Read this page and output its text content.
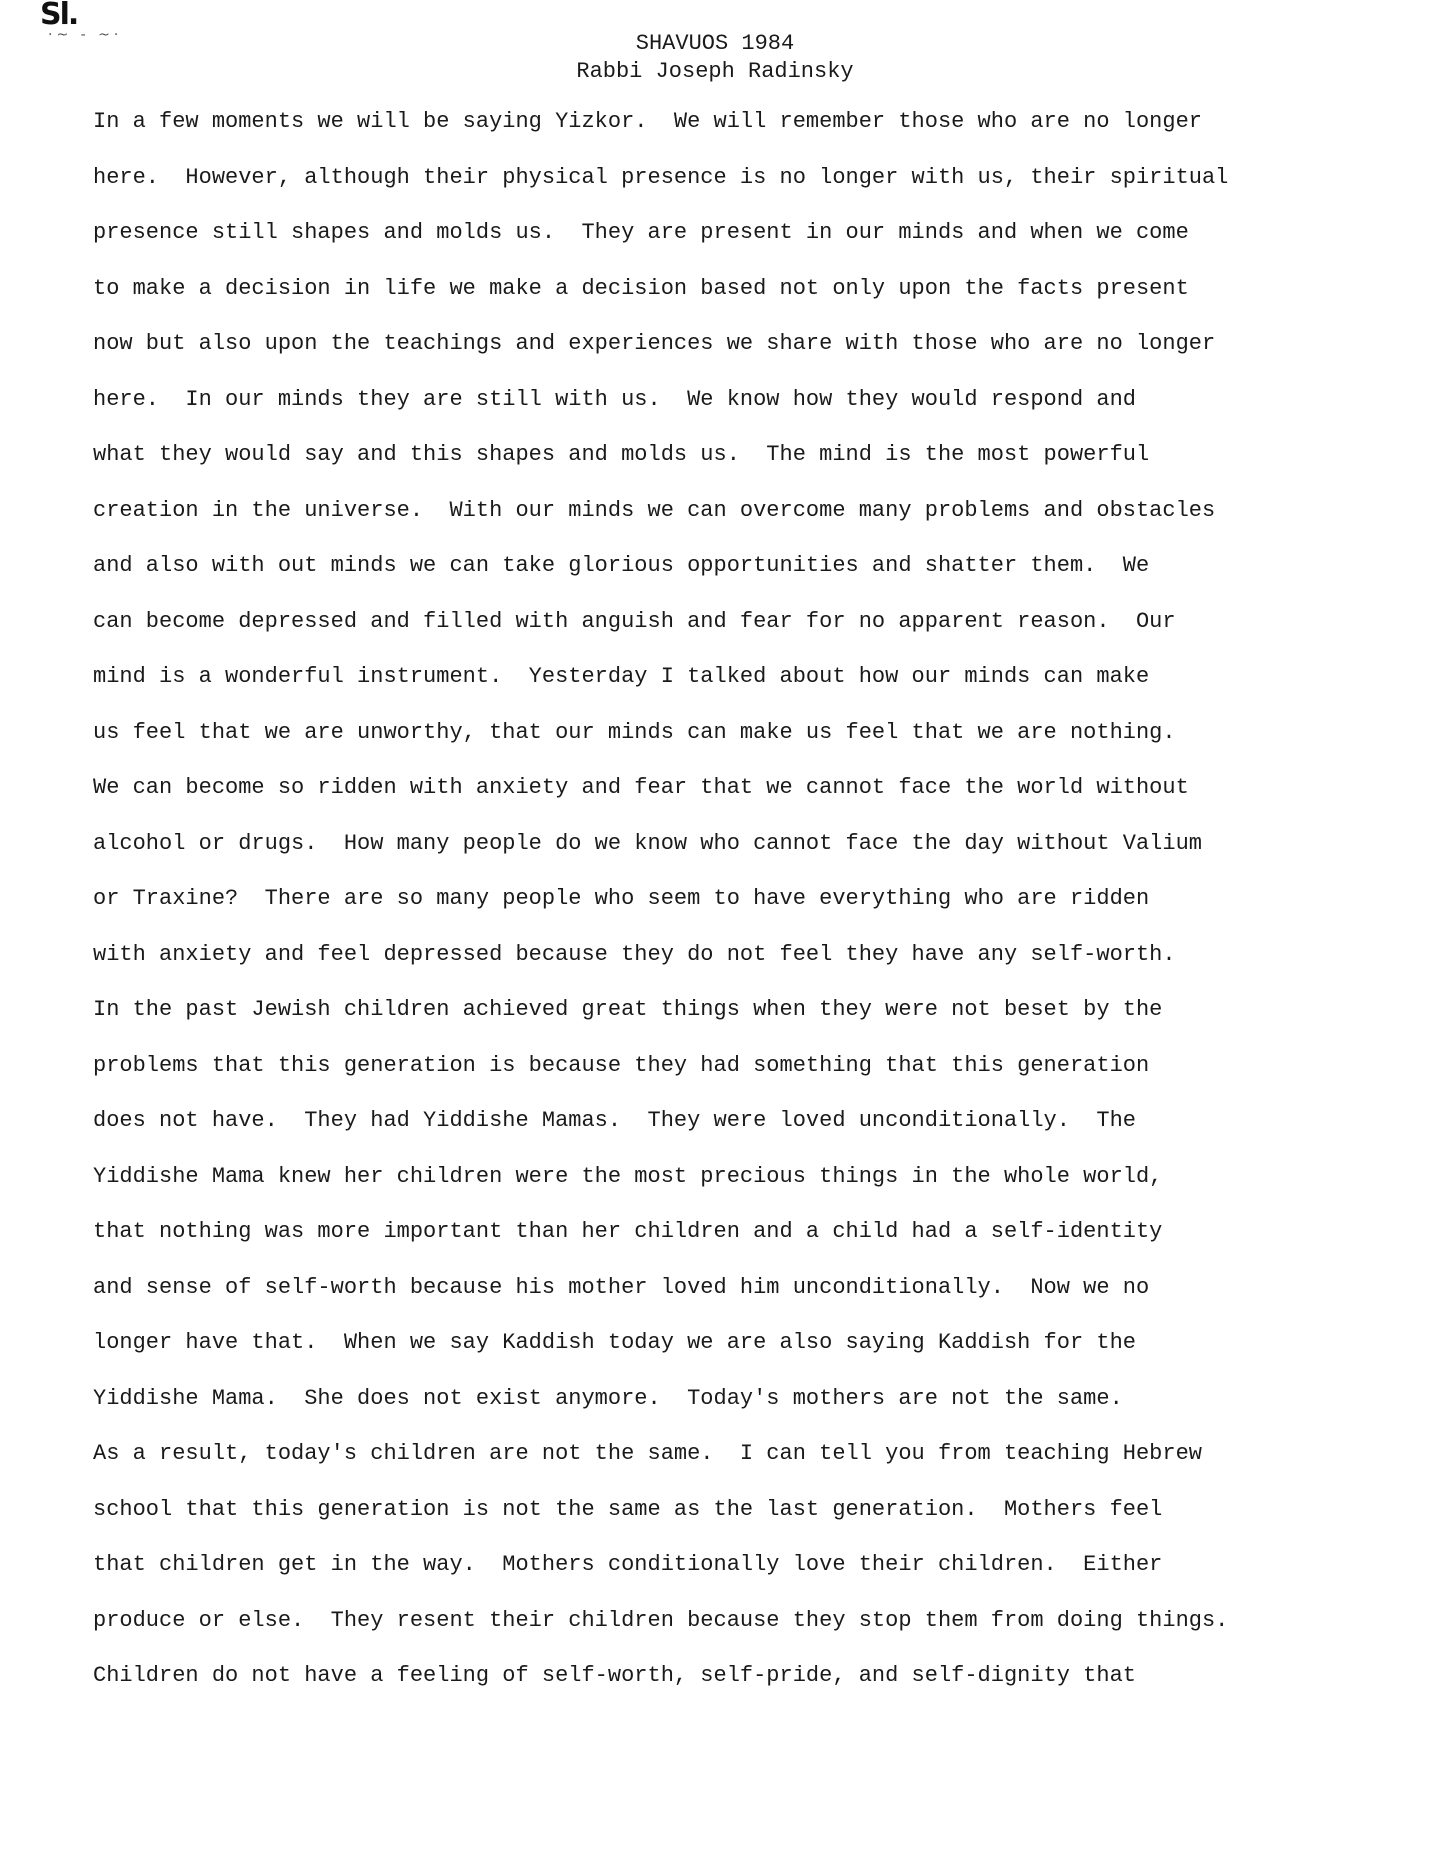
Sl.
·~ - ~·	SHAVUOS 1984
Rabbi Joseph Radinsky
In a few moments we will be saying Yizkor.  We will remember those who are no longer
here.  However, although their physical presence is no longer with us, their spiritual
presence still shapes and molds us.  They are present in our minds and when we come
to make a decision in life we make a decision based not only upon the facts present
now but also upon the teachings and experiences we share with those who are no longer
here.  In our minds they are still with us.  We know how they would respond and
what they would say and this shapes and molds us.  The mind is the most powerful
creation in the universe.  With our minds we can overcome many problems and obstacles
and also with out minds we can take glorious opportunities and shatter them.  We
can become depressed and filled with anguish and fear for no apparent reason.  Our
mind is a wonderful instrument.  Yesterday I talked about how our minds can make
us feel that we are unworthy, that our minds can make us feel that we are nothing.
We can become so ridden with anxiety and fear that we cannot face the world without
alcohol or drugs.  How many people do we know who cannot face the day without Valium
or Traxine?  There are so many people who seem to have everything who are ridden
with anxiety and feel depressed because they do not feel they have any self-worth.
In the past Jewish children achieved great things when they were not beset by the
problems that this generation is because they had something that this generation
does not have.  They had Yiddishe Mamas.  They were loved unconditionally.  The
Yiddishe Mama knew her children were the most precious things in the whole world,
that nothing was more important than her children and a child had a self-identity
and sense of self-worth because his mother loved him unconditionally.  Now we no
longer have that.  When we say Kaddish today we are also saying Kaddish for the
Yiddishe Mama.  She does not exist anymore.  Today's mothers are not the same.
As a result, today's children are not the same.  I can tell you from teaching Hebrew
school that this generation is not the same as the last generation.  Mothers feel
that children get in the way.  Mothers conditionally love their children.  Either
produce or else.  They resent their children because they stop them from doing things.
Children do not have a feeling of self-worth, self-pride, and self-dignity that
